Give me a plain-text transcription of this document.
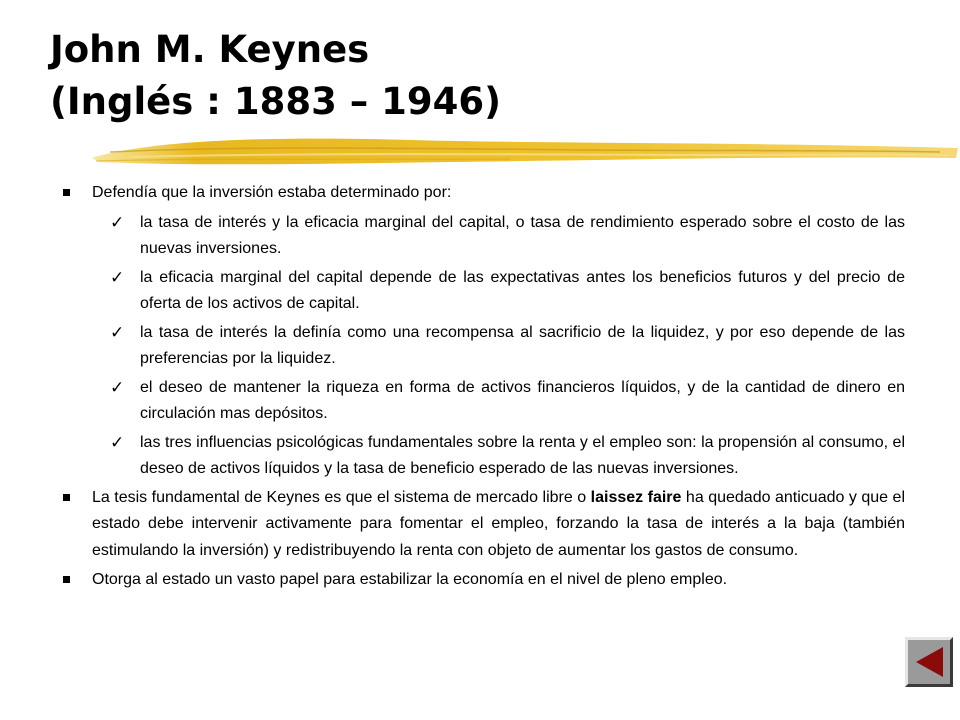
John M. Keynes
(Inglés : 1883 – 1946)
Defendía que la inversión estaba determinado por:
✓ la tasa de interés y la eficacia marginal del capital, o tasa de rendimiento esperado sobre el costo de las nuevas inversiones.
✓ la eficacia marginal del capital depende de las expectativas antes los beneficios futuros y del precio de oferta de los activos de capital.
✓ la tasa de interés la definía como una recompensa al sacrificio de la liquidez, y por eso depende de las preferencias por la liquidez.
✓ el deseo de mantener la riqueza en forma de activos financieros líquidos, y de la cantidad de dinero en circulación mas depósitos.
✓ las tres influencias psicológicas fundamentales sobre la renta y el empleo son: la propensión al consumo, el deseo de activos líquidos y la tasa de beneficio esperado de las nuevas inversiones.
La tesis fundamental de Keynes es que el sistema de mercado libre o laissez faire ha quedado anticuado y que el estado debe intervenir activamente para fomentar el empleo, forzando la tasa de interés a la baja (también estimulando la inversión) y redistribuyendo la renta con objeto de aumentar los gastos de consumo.
Otorga al estado un vasto papel para estabilizar la economía en el nivel de pleno empleo.
